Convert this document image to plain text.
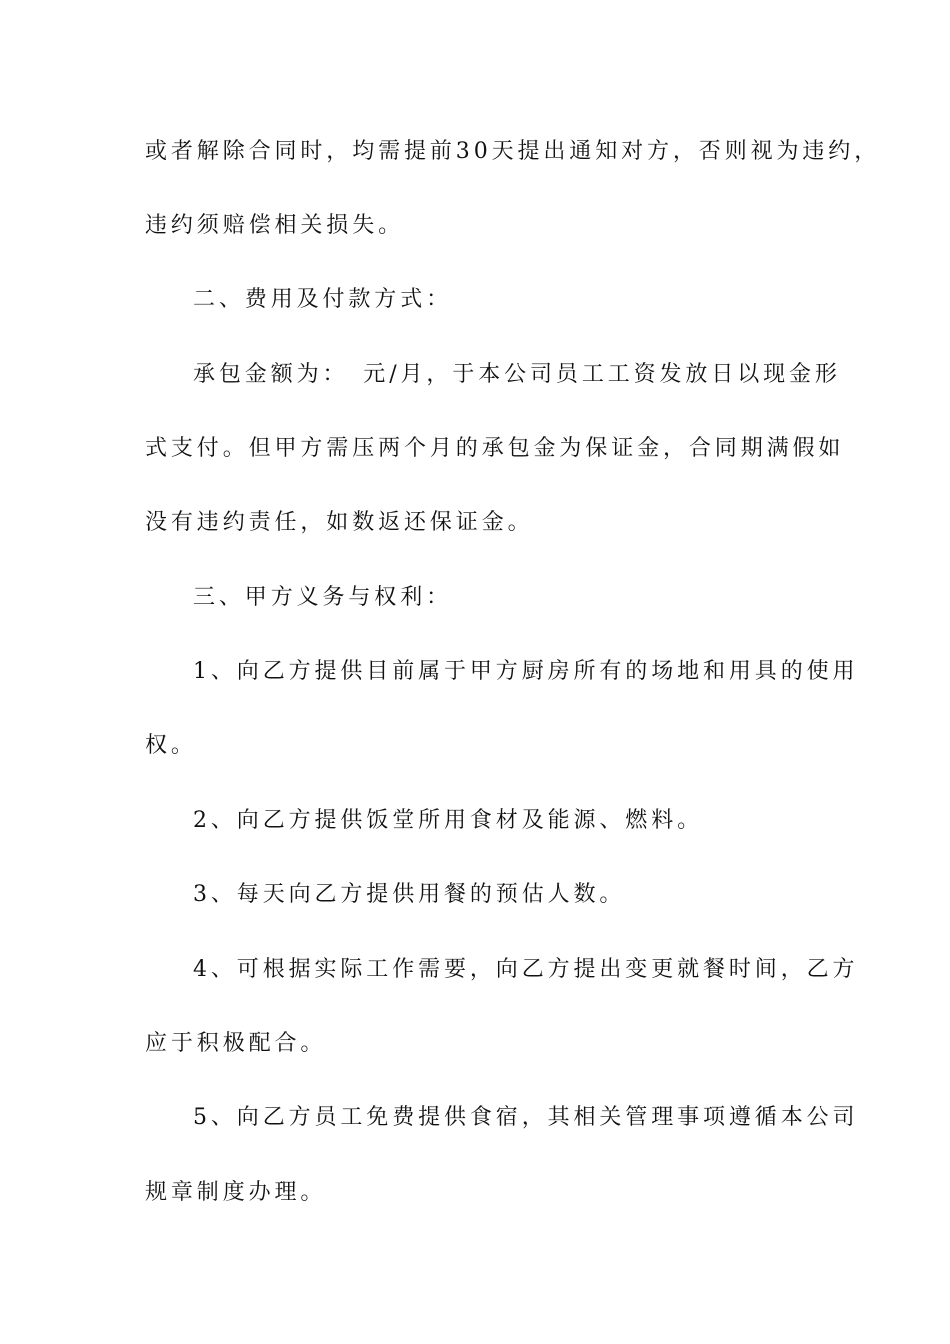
或者解除合同时，均需提前30天提出通知对方，否则视为违约，
违约须赔偿相关损失。
二、费用及付款方式：
承包金额为：　元/月，于本公司员工工资发放日以现金形
式支付。但甲方需压两个月的承包金为保证金，合同期满假如
没有违约责任，如数返还保证金。
三、甲方义务与权利：
1、向乙方提供目前属于甲方厨房所有的场地和用具的使用
权。
2、向乙方提供饭堂所用食材及能源、燃料。
3、每天向乙方提供用餐的预估人数。
4、可根据实际工作需要，向乙方提出变更就餐时间，乙方
应于积极配合。
5、向乙方员工免费提供食宿，其相关管理事项遵循本公司
规章制度办理。
